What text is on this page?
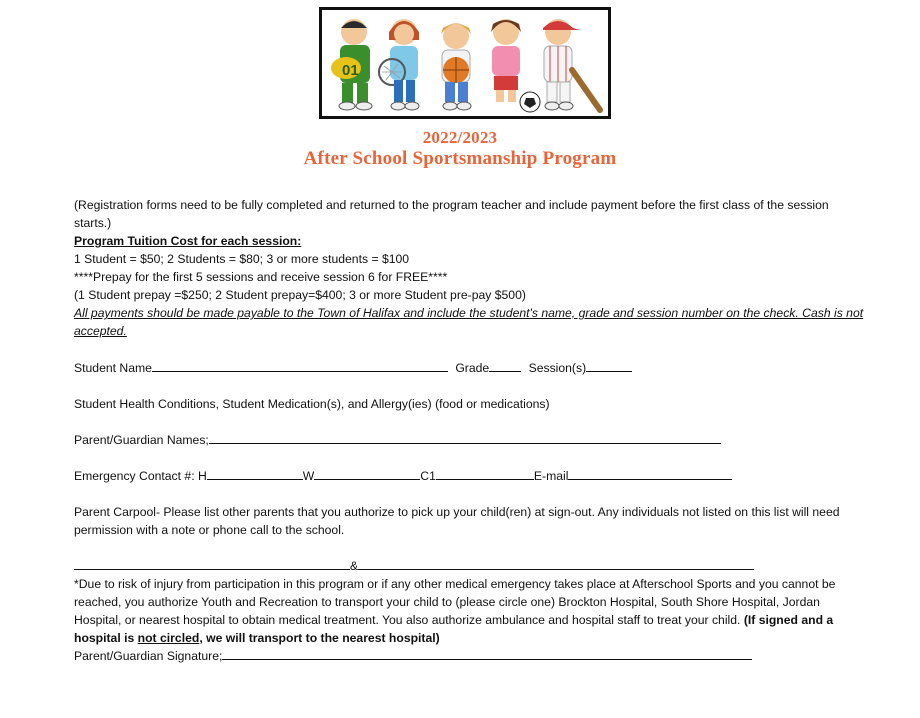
01
2022/2023
After School Sportsmanship Program
(Registration forms need to be fully completed and returned to the program teacher and include payment before the first class of the session
starts.)
Program Tuition Cost for each session:
1 Student = $50; 2 Students = $80; 3 or more students = $100
****Prepay for the first 5 sessions and receive session 6 for FREE****
(1 Student prepay =$250; 2 Student prepay=$400; 3 or more Student pre-pay $500)
All payments should be made payable to the Town of Halifax and include the student's name, grade and session number on the check. Cash is not
accepted.
Student Name	Grade	Session(s)
Student Health Conditions, Student Medication(s), and Allergy(ies) (food or medications)
Parent/Guardian Names;
Emergency Contact #: H	W	C1	E-mail
Parent Carpool- Please list other parents that you authorize to pick up your child(ren) at sign-out. Any individuals not listed on this list will need
permission with a note or phone call to the school.
&
*Due to risk of injury from participation in this program or if any other medical emergency takes place at Afterschool Sports and you cannot be
reached, you authorize Youth and Recreation to transport your child to (please circle one) Brockton Hospital, South Shore Hospital, Jordan
Hospital, or nearest hospital to obtain medical treatment. You also authorize ambulance and hospital staff to treat your child. (If signed and a
hospital is not circled, we will transport to the nearest hospital)
Parent/Guardian Signature;
